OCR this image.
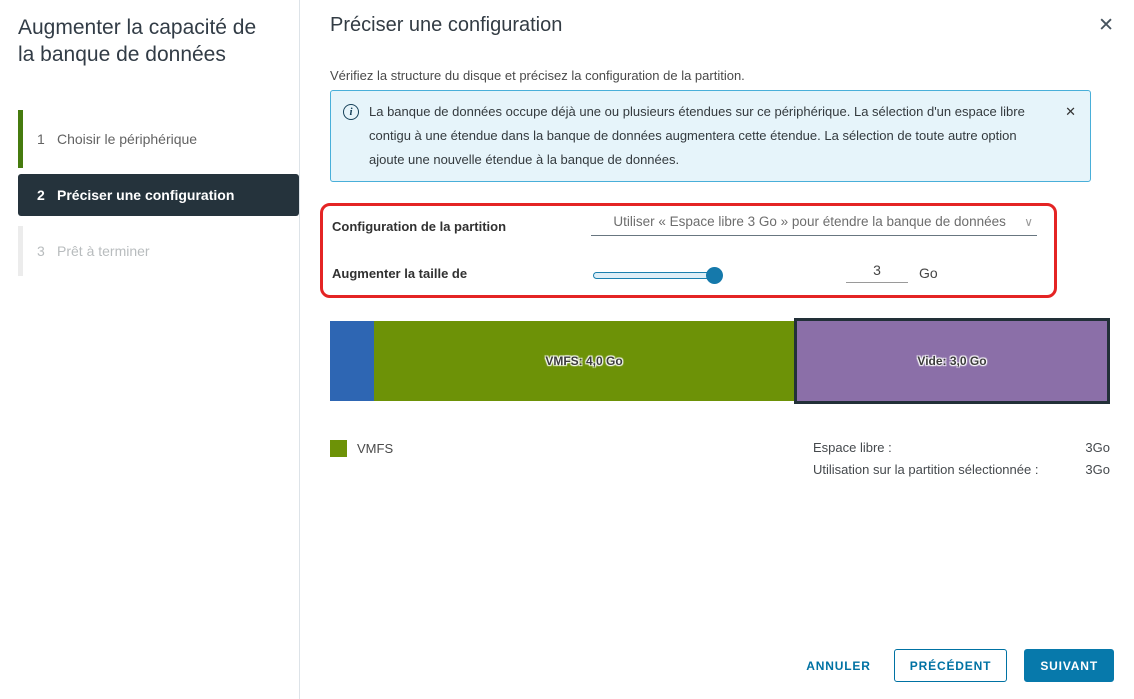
Augmenter la capacité de la banque de données
1 Choisir le périphérique
2 Préciser une configuration
3 Prêt à terminer
Préciser une configuration	✕
Vérifiez la structure du disque et précisez la configuration de la partition.
i	La banque de données occupe déjà une ou plusieurs étendues sur ce périphérique. La sélection d'un espace libre contigu à une étendue dans la banque de données augmentera cette étendue. La sélection de toute autre option ajoute une nouvelle étendue à la banque de données.
✕
Configuration de la partition	Utiliser « Espace libre 3 Go » pour étendre la banque de données	∨
Augmenter la taille de
3	Go
VMFS: 4,0 Go	Vide: 3,0 Go
VMFS	Espace libre :	3Go
Utilisation sur la partition sélectionnée :	3Go
ANNULER	PRÉCÉDENT	SUIVANT
